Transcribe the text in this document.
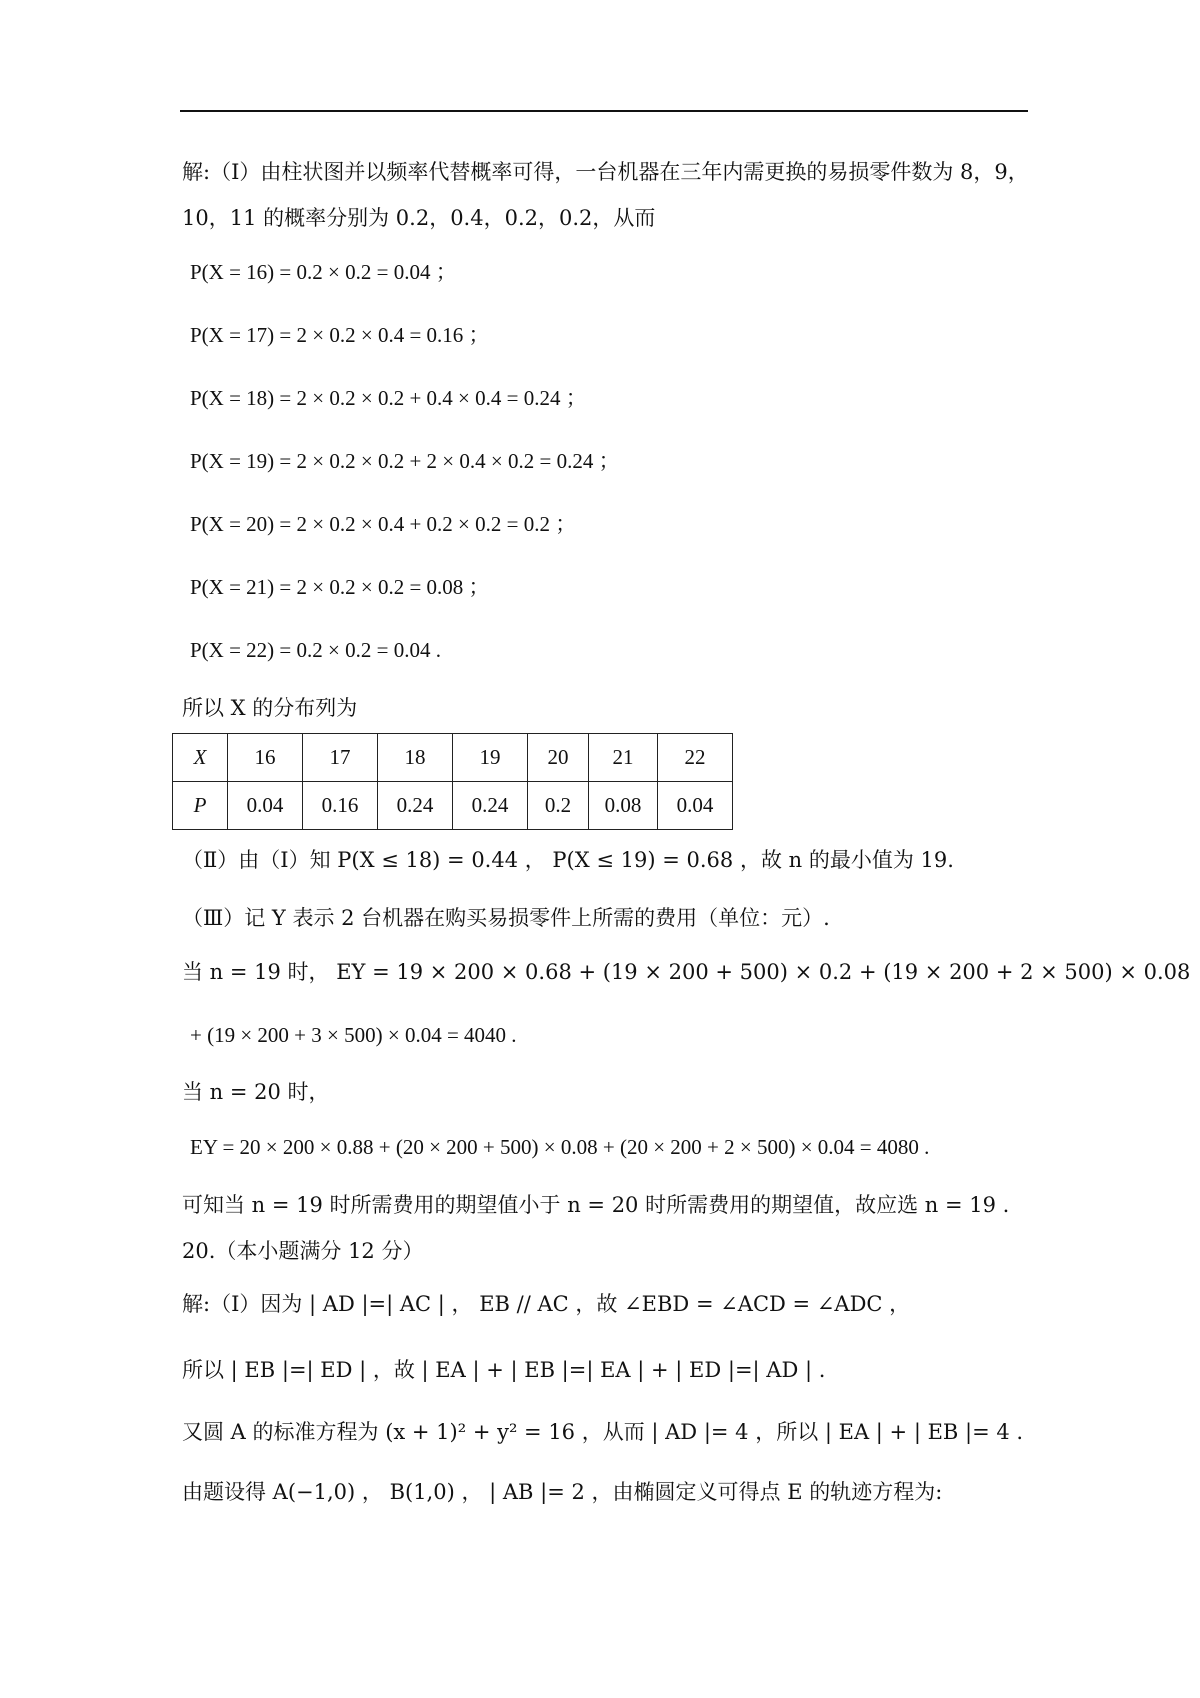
解:（Ⅰ）由柱状图并以频率代替概率可得，一台机器在三年内需更换的易损零件数为 8，9，
10，11 的概率分别为 0.2，0.4，0.2，0.2，从而
P(X = 16) = 0.2 × 0.2 = 0.04 ；
P(X = 17) = 2 × 0.2 × 0.4 = 0.16 ；
P(X = 18) = 2 × 0.2 × 0.2 + 0.4 × 0.4 = 0.24 ；
P(X = 19) = 2 × 0.2 × 0.2 + 2 × 0.4 × 0.2 = 0.24 ；
P(X = 20) = 2 × 0.2 × 0.4 + 0.2 × 0.2 = 0.2 ；
P(X = 21) = 2 × 0.2 × 0.2 = 0.08 ；
P(X = 22) = 0.2 × 0.2 = 0.04 .
所以 X 的分布列为
X	16	17	18	19	20	21	22
P	0.04	0.16	0.24	0.24	0.2	0.08	0.04
（Ⅱ）由（Ⅰ）知 P(X ≤ 18) = 0.44 ， P(X ≤ 19) = 0.68 ，故 n 的最小值为 19.
（Ⅲ）记 Y 表示 2 台机器在购买易损零件上所需的费用（单位：元）.
当 n = 19 时， EY = 19 × 200 × 0.68 + (19 × 200 + 500) × 0.2 + (19 × 200 + 2 × 500) × 0.08
+ (19 × 200 + 3 × 500) × 0.04 = 4040 .
当 n = 20 时，
EY = 20 × 200 × 0.88 + (20 × 200 + 500) × 0.08 + (20 × 200 + 2 × 500) × 0.04 = 4080 .
可知当 n = 19 时所需费用的期望值小于 n = 20 时所需费用的期望值，故应选 n = 19 .
20.（本小题满分 12 分）
解:（Ⅰ）因为 | AD |=| AC | ， EB // AC ，故 ∠EBD = ∠ACD = ∠ADC ，
所以 | EB |=| ED | ，故 | EA | + | EB |=| EA | + | ED |=| AD | .
又圆 A 的标准方程为 (x + 1)² + y² = 16 ，从而 | AD |= 4 ，所以 | EA | + | EB |= 4 .
由题设得 A(−1,0) ， B(1,0) ， | AB |= 2 ，由椭圆定义可得点 E 的轨迹方程为:
